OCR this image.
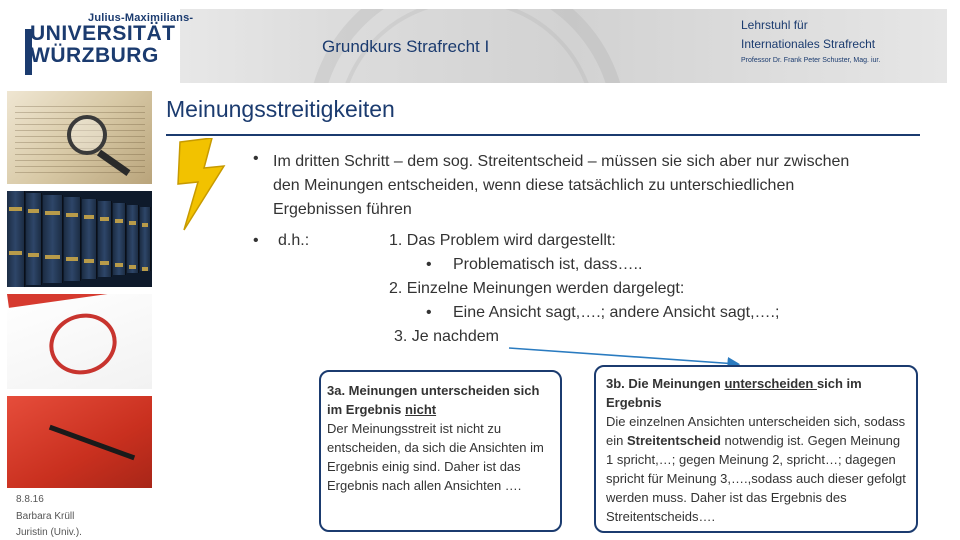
Julius-Maximilians-
UNIVERSITÄT
WÜRZBURG	Grundkurs Strafrecht I
Lehrstuhl für
Internationales Strafrecht
Professor Dr. Frank Peter Schuster, Mag. iur.
8.8.16
Barbara Krüll
Juristin (Univ.).
Meinungsstreitigkeiten
• Im dritten Schritt – dem sog. Streitentscheid – müssen sie sich aber nur zwischen den Meinungen entscheiden, wenn diese tatsächlich zu unterschiedlichen Ergebnissen führen
• d.h.:	1. Das Problem wird dargestellt:
• Problematisch ist, dass…..
2. Einzelne Meinungen werden dargelegt:
• Eine Ansicht sagt,….; andere Ansicht sagt,….;
3. Je nachdem
3a. Meinungen unterscheiden sich im Ergebnis nicht
Der Meinungsstreit ist nicht zu entscheiden, da sich die Ansichten im Ergebnis einig sind. Daher ist das Ergebnis nach allen Ansichten ….
3b. Die Meinungen unterscheiden sich im Ergebnis
Die einzelnen Ansichten unterscheiden sich, sodass ein Streitentscheid notwendig ist. Gegen Meinung 1 spricht,…; gegen Meinung 2, spricht…; dagegen spricht für Meinung 3,….,sodass auch dieser gefolgt werden muss. Daher ist das Ergebnis des Streitentscheids….
